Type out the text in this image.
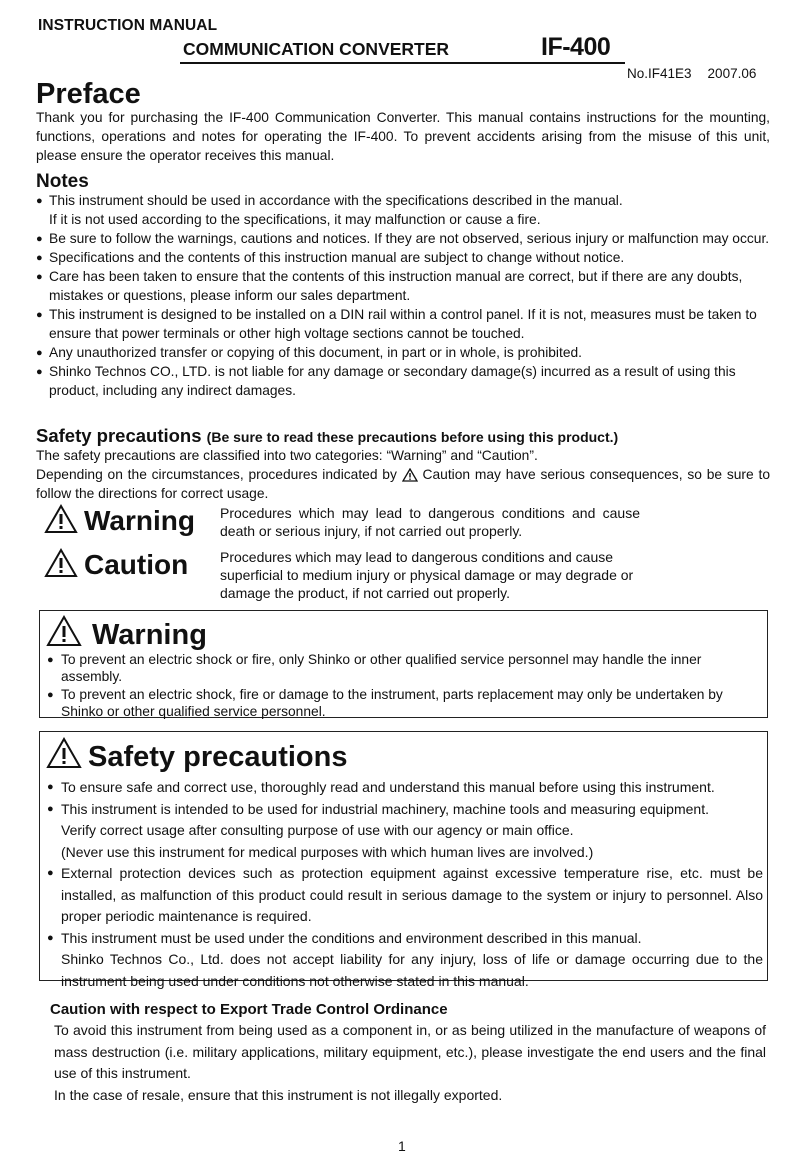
INSTRUCTION MANUAL
COMMUNICATION CONVERTER	IF-400
No.IF41E3 2007.06
Preface

Thank you for purchasing the IF-400 Communication Converter. This manual contains instructions for the mounting, functions, operations and notes for operating the IF-400. To prevent accidents arising from the misuse of this unit, please ensure the operator receives this manual.

Notes
● This instrument should be used in accordance with the specifications described in the manual.
If it is not used according to the specifications, it may malfunction or cause a fire.
● Be sure to follow the warnings, cautions and notices. If they are not observed, serious injury or malfunction may occur.
● Specifications and the contents of this instruction manual are subject to change without notice.
● Care has been taken to ensure that the contents of this instruction manual are correct, but if there are any doubts, mistakes or questions, please inform our sales department.
● This instrument is designed to be installed on a DIN rail within a control panel. If it is not, measures must be taken to ensure that power terminals or other high voltage sections cannot be touched.
● Any unauthorized transfer or copying of this document, in part or in whole, is prohibited.
● Shinko Technos CO., LTD. is not liable for any damage or secondary damage(s) incurred as a result of using this product, including any indirect damages.
Safety precautions (Be sure to read these precautions before using this product.)
The safety precautions are classified into two categories: “Warning” and “Caution”.
Depending on the circumstances, procedures indicated by Caution may have serious consequences, so be sure to follow the directions for correct usage.
Warning Procedures which may lead to dangerous conditions and cause death or serious injury, if not carried out properly.
Caution Procedures which may lead to dangerous conditions and cause superficial to medium injury or physical damage or may degrade or damage the product, if not carried out properly.
Warning
● To prevent an electric shock or fire, only Shinko or other qualified service personnel may handle the inner assembly.
● To prevent an electric shock, fire or damage to the instrument, parts replacement may only be undertaken by Shinko or other qualified service personnel.
Safety precautions
● To ensure safe and correct use, thoroughly read and understand this manual before using this instrument.
● This instrument is intended to be used for industrial machinery, machine tools and measuring equipment.
Verify correct usage after consulting purpose of use with our agency or main office.
(Never use this instrument for medical purposes with which human lives are involved.)
● External protection devices such as protection equipment against excessive temperature rise, etc. must be installed, as malfunction of this product could result in serious damage to the system or injury to personnel. Also proper periodic maintenance is required.
● This instrument must be used under the conditions and environment described in this manual.
Shinko Technos Co., Ltd. does not accept liability for any injury, loss of life or damage occurring due to the instrument being used under conditions not otherwise stated in this manual.
Caution with respect to Export Trade Control Ordinance

To avoid this instrument from being used as a component in, or as being utilized in the manufacture of weapons of mass destruction (i.e. military applications, military equipment, etc.), please investigate the end users and the final use of this instrument.

In the case of resale, ensure that this instrument is not illegally exported.

1
